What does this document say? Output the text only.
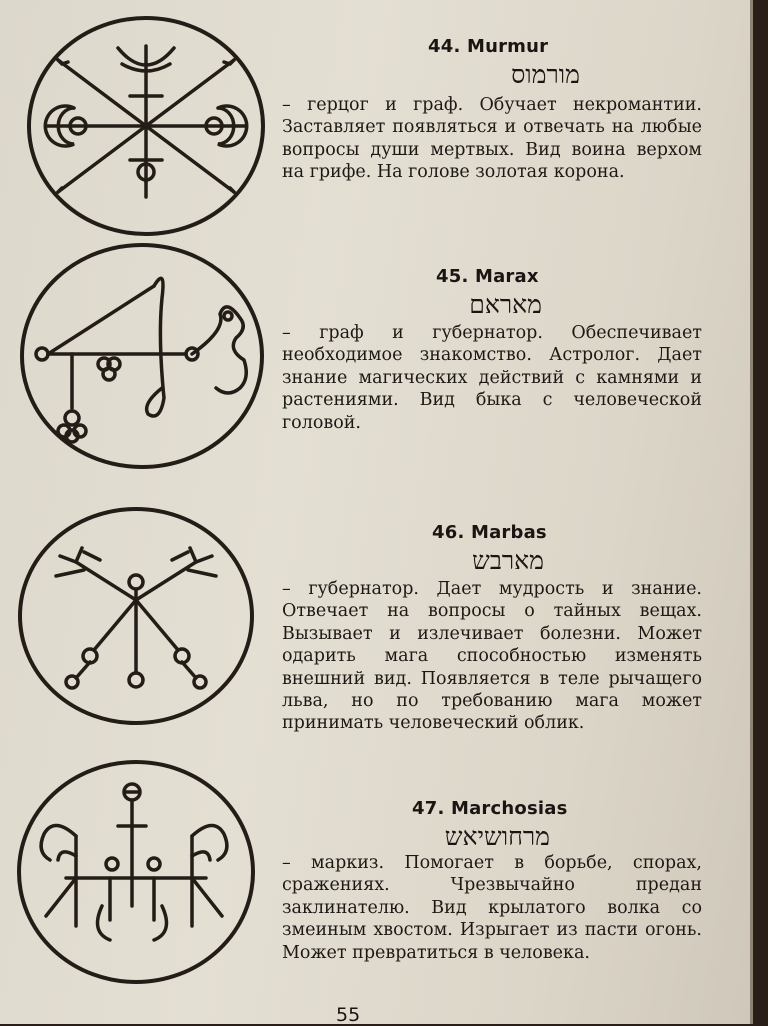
44. Murmur
מורמוס
– герцог и граф. Обучает некромантии. Заставляет появляться и отвечать на любые вопросы души мертвых. Вид воина верхом на грифе. На голове золотая корона.
45. Marax
מאראם
– граф и губернатор. Обеспечивает необходимое знакомство. Астролог. Дает знание магических действий с камнями и растениями. Вид быка с человеческой головой.
46. Marbas
מארבש
– губернатор. Дает мудрость и знание. Отвечает на вопросы о тайных вещах. Вызывает и излечивает болезни. Может одарить мага способностью изменять внешний вид. Появляется в теле рычащего льва, но по требованию мага может принимать человеческий облик.
47. Marchosias
מרחושיאש
– маркиз. Помогает в борьбе, спорах, сражениях. Чрезвычайно предан заклинателю. Вид крылатого волка со змеиным хвостом. Изрыгает из пасти огонь. Может превратиться в человека.
55
